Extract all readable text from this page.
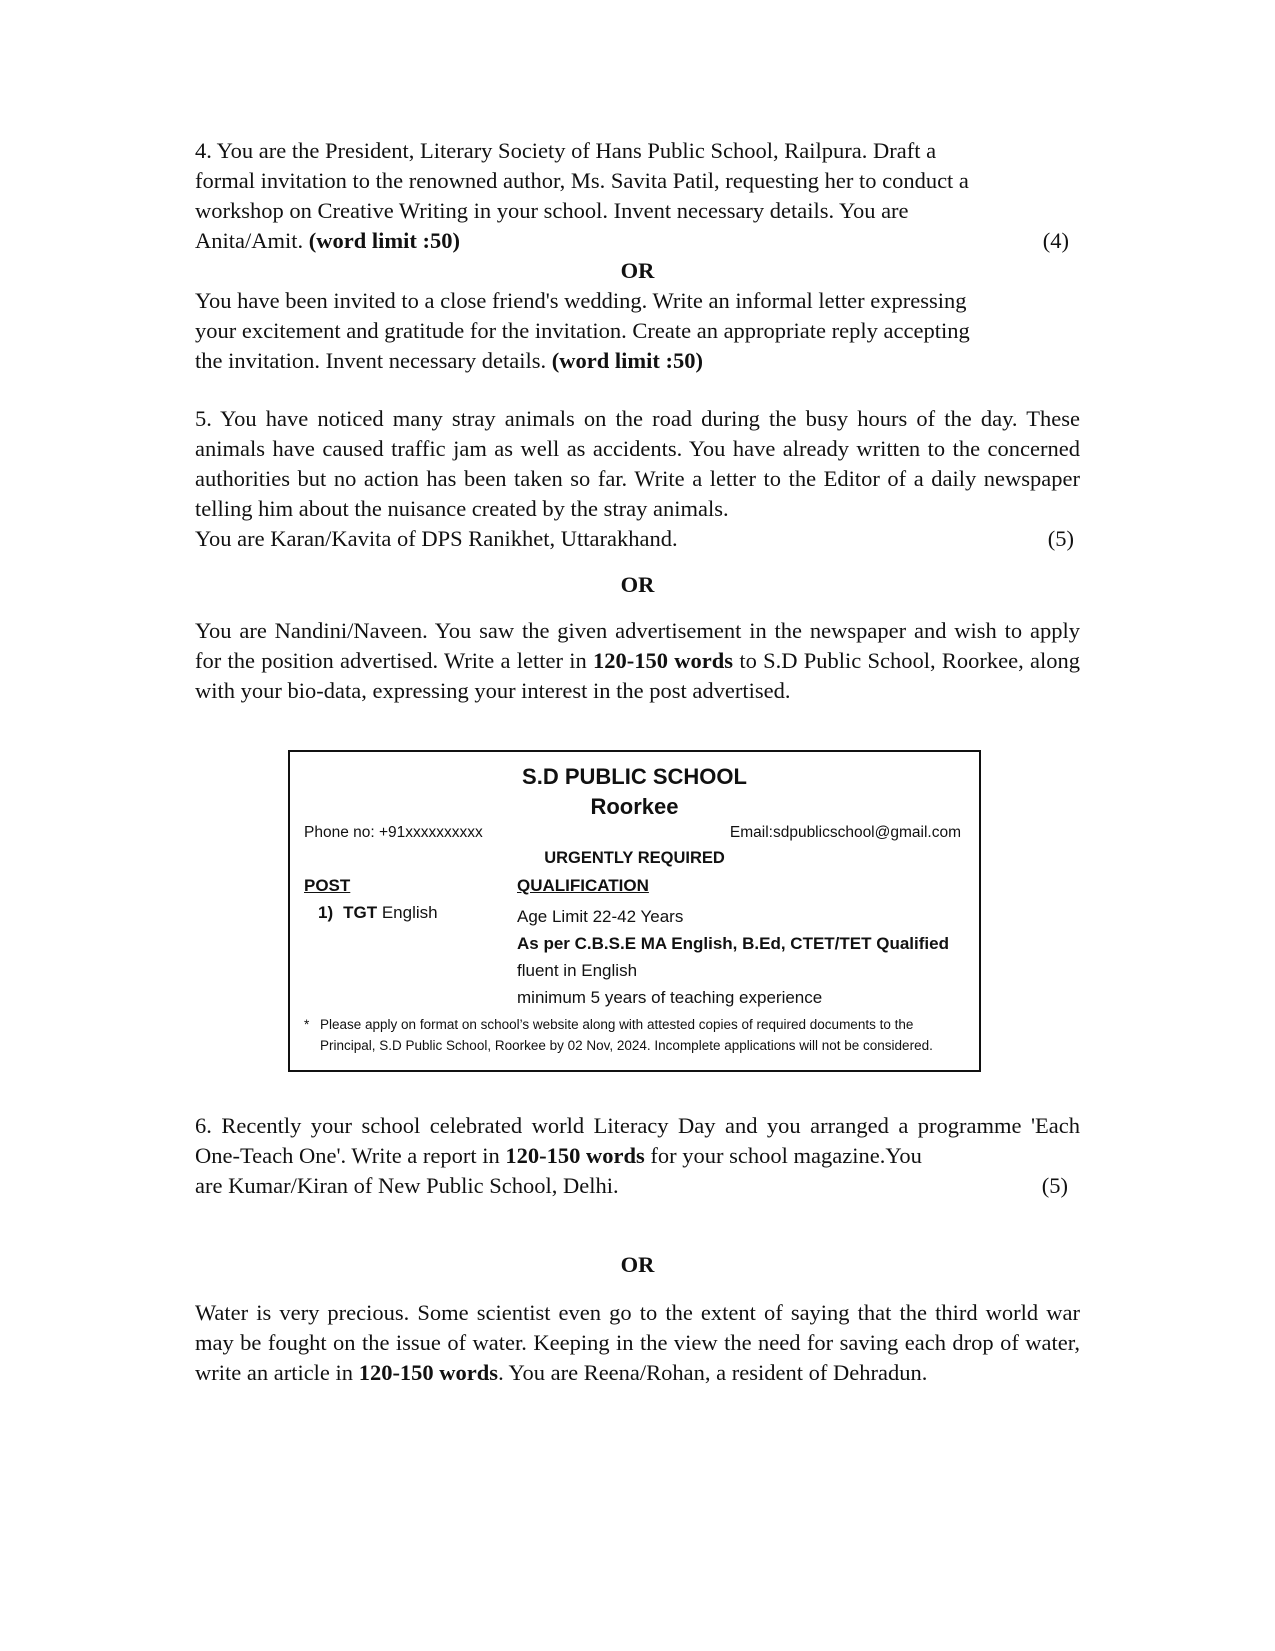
4. You are the President, Literary Society of Hans Public School, Railpura. Draft a

formal invitation to the renowned author, Ms. Savita Patil, requesting her to conduct a

workshop on Creative Writing in your school. Invent necessary details. You are

Anita/Amit. (word limit :50)	(4)

OR

You have been invited to a close friend's wedding. Write an informal letter expressing

your excitement and gratitude for the invitation. Create an appropriate reply accepting

the invitation. Invent necessary details. (word limit :50)

5. You have noticed many stray animals on the road during the busy hours of the day. These animals have caused traffic jam as well as accidents. You have already written to the concerned authorities but no action has been taken so far. Write a letter to the Editor of a daily newspaper telling him about the nuisance created by the stray animals.

You are Karan/Kavita of DPS Ranikhet, Uttarakhand.	(5)

OR

You are Nandini/Naveen. You saw the given advertisement in the newspaper and wish to apply for the position advertised. Write a letter in 120-150 words to S.D Public School, Roorkee, along with your bio-data, expressing your interest in the post advertised.

S.D PUBLIC SCHOOL
Roorkee
Phone no: +91xxxxxxxxxx	Email:sdpublicschool@gmail.com
URGENTLY REQUIRED
POST	QUALIFICATION
1) TGT English	Age Limit 22-42 Years
As per C.B.S.E MA English, B.Ed, CTET/TET Qualified
fluent in English
minimum 5 years of teaching experience
* Please apply on format on school’s website along with attested copies of required documents to the
Principal, S.D Public School, Roorkee by 02 Nov, 2024. Incomplete applications will not be considered.

6. Recently your school celebrated world Literacy Day and you arranged a programme 'Each One-Teach One'. Write a report in 120-150 words for your school magazine.You

are Kumar/Kiran of New Public School, Delhi.	(5)

OR

Water is very precious. Some scientist even go to the extent of saying that the third world war may be fought on the issue of water. Keeping in the view the need for saving each drop of water, write an article in 120-150 words. You are Reena/Rohan, a resident of Dehradun.
